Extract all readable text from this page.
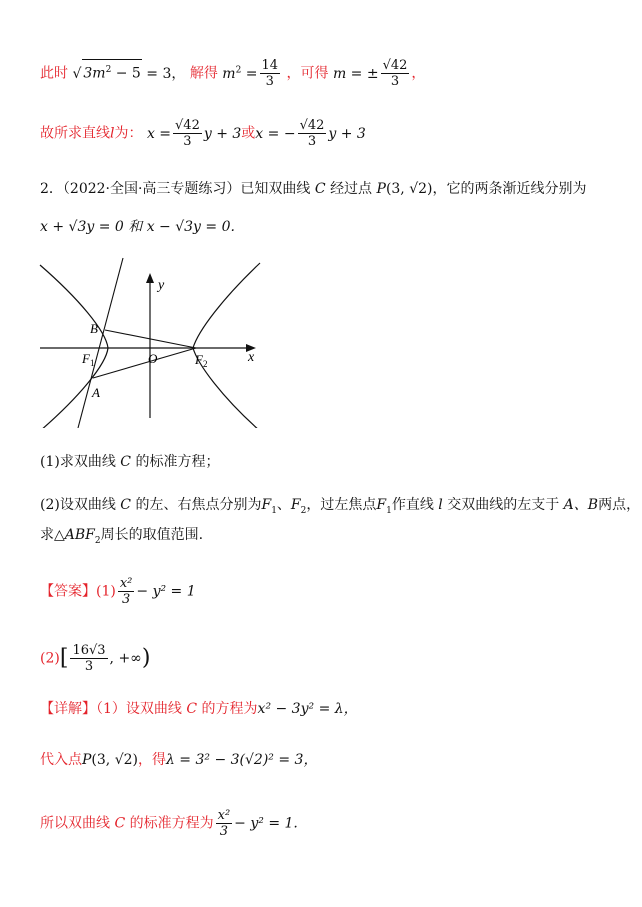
此时 √ $3m^2 - 5 = 3$， 解得 $m^2 = \frac{14}{3}$ ，可得 m = ± $\frac{√42}{3}$ ，
故所求直线l为： $x = \frac{√42}{3}$ y + 3或x = − $\frac{√42}{3}$ y + 3
2．（2022·全国·高三专题练习）已知双曲线 C 经过点 P(3, √2)，它的两条渐近线分别为
x + √3y = 0 和 x − √3y = 0.
y
x
O
B
A
$F_1$	$F_2$
(1)求双曲线 C 的标准方程；
(2)设双曲线 C 的左、右焦点分别为$F_1$、$F_2$，过左焦点$F_1$作直线 l 交双曲线的左支于 A、B两点，
求$\triangle ABF_2$周长的取值范围.
【答案】$(1) \frac{\text{x²}}{3} - y^2 = 1$
$(2)[ \frac{16√3}{3}$ , +∞)
【详解】（1）设双曲线 C 的方程为x² − 3y² = λ，
代入点P(3, √2)，得λ = 3² − 3(√2)² = 3，
所以双曲线 C 的标准方程为 $\frac{\text{x²}}{3} - y^2 = 1$.
